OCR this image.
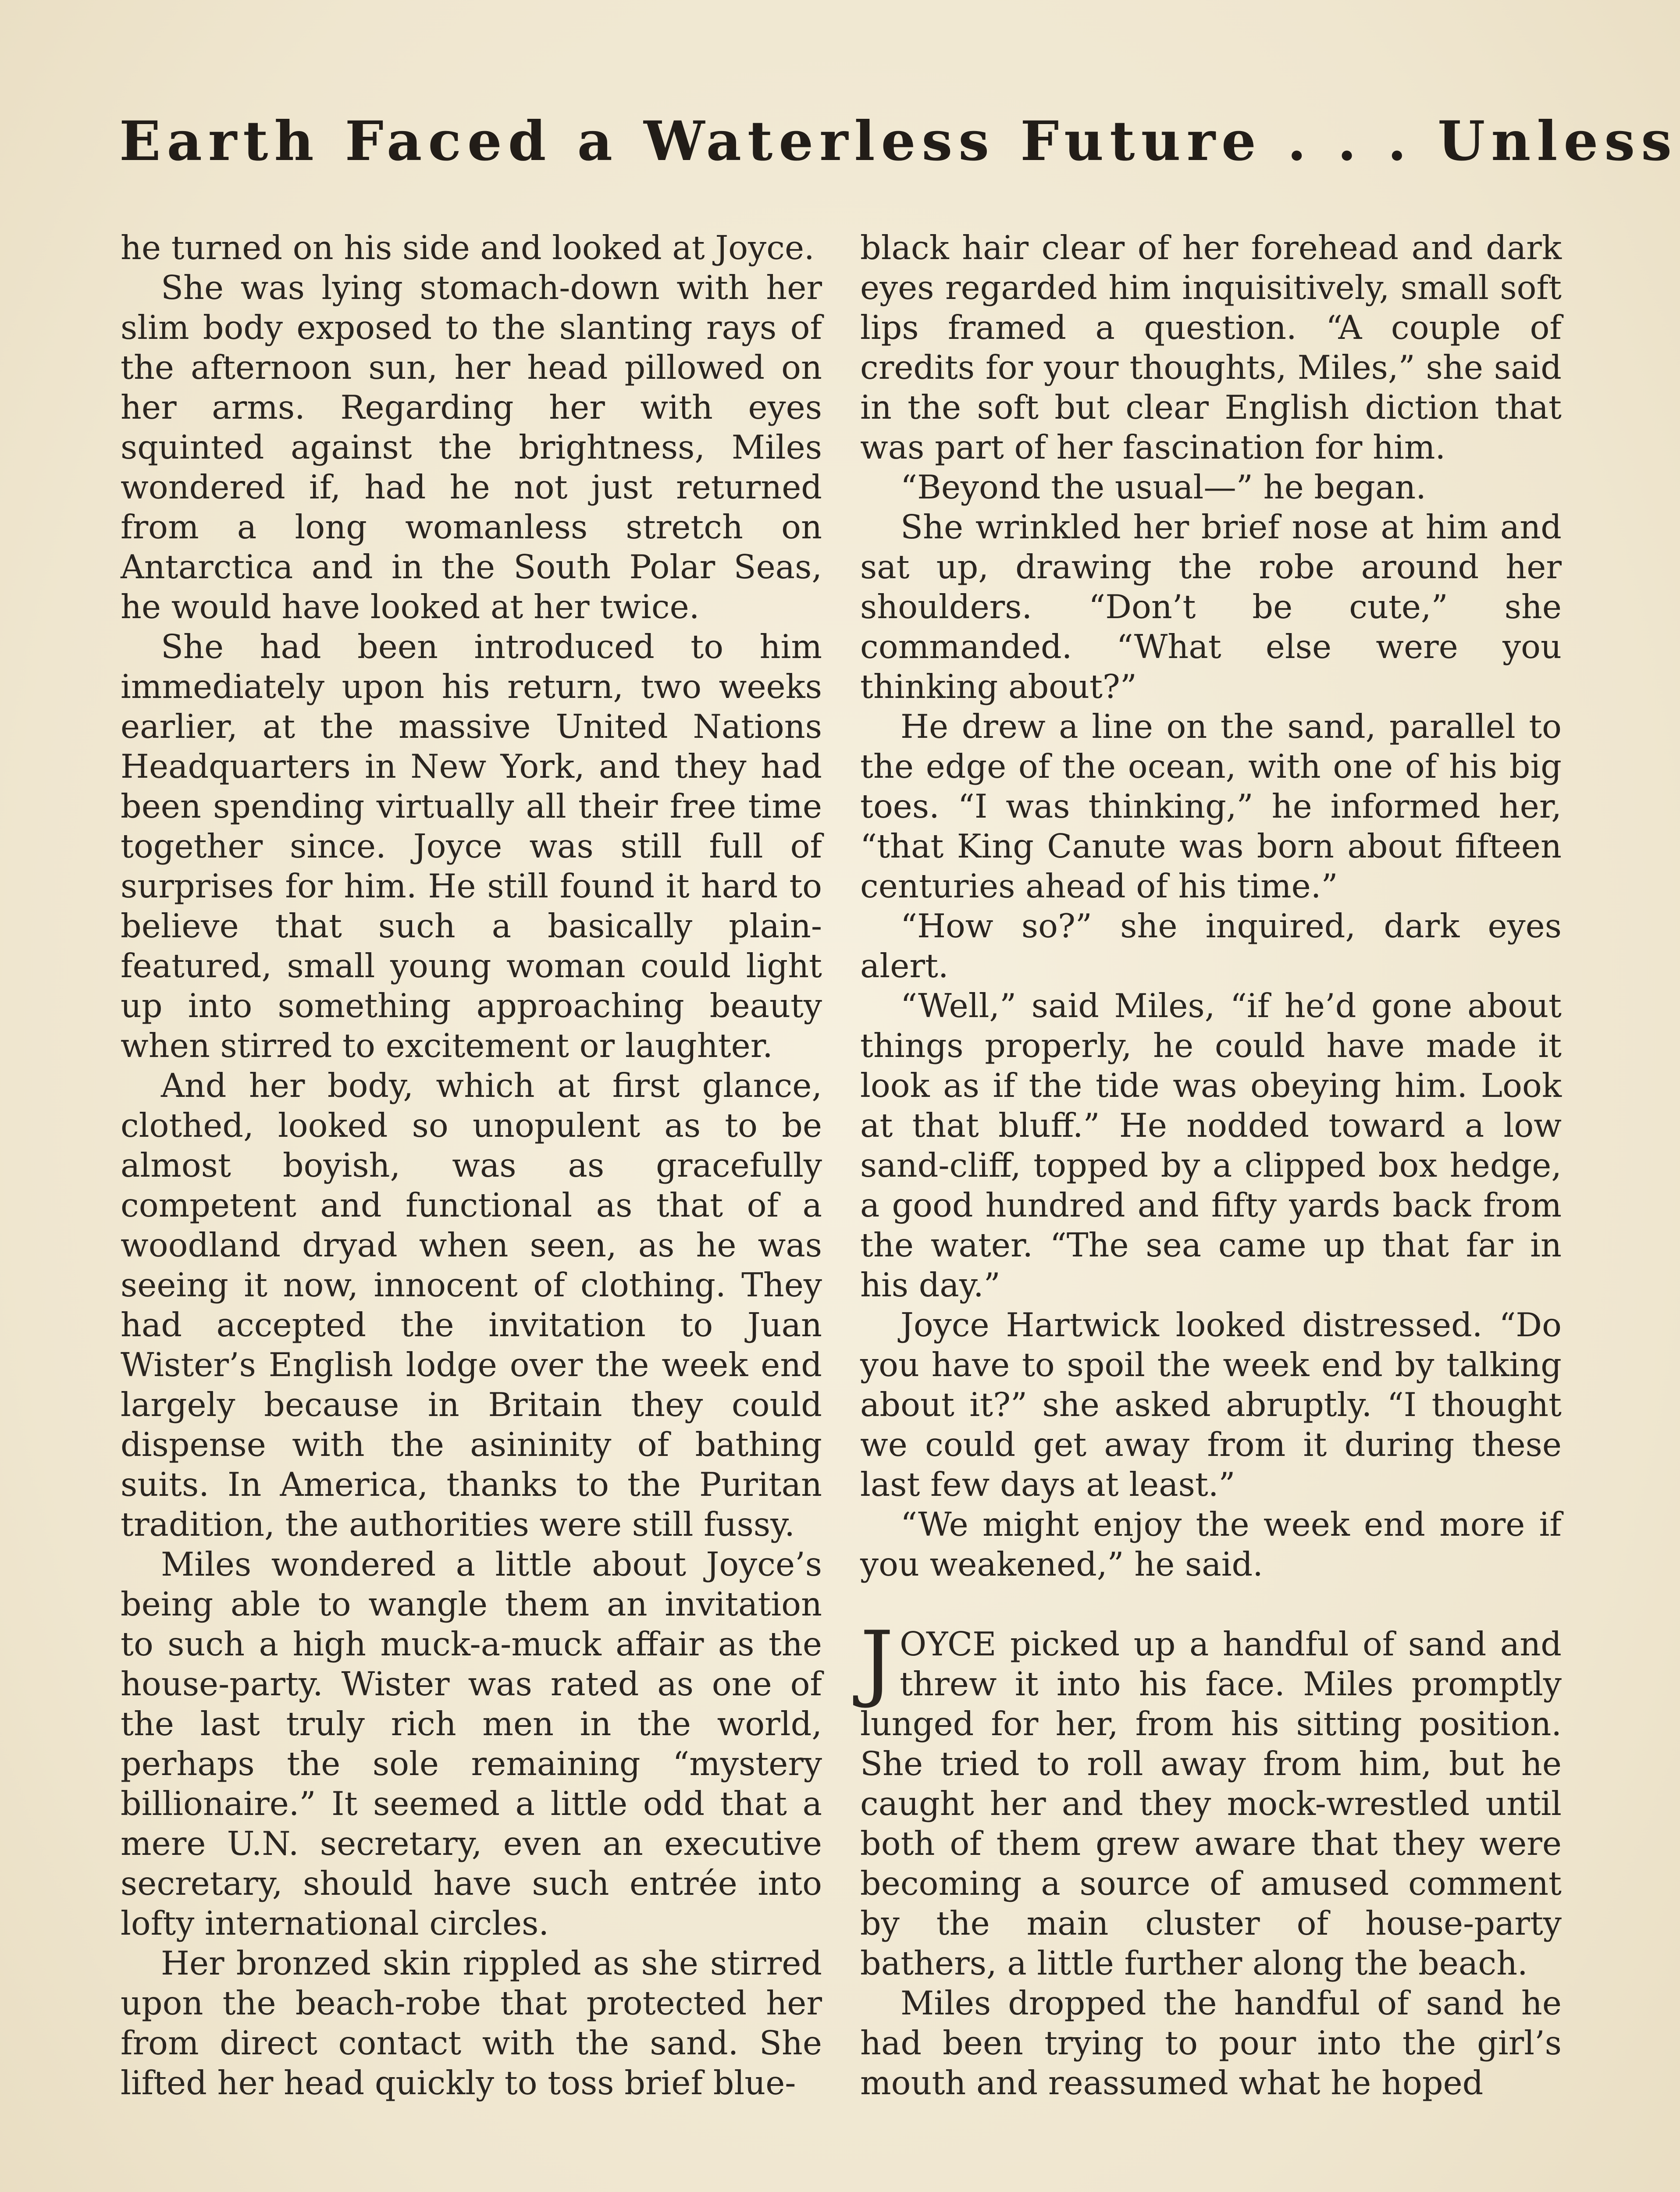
Earth Faced a Waterless Future . . . Unless

he turned on his side and looked at Joyce.

She was lying stomach-down with her slim body exposed to the slanting rays of the afternoon sun, her head pillowed on her arms. Regarding her with eyes squinted against the brightness, Miles wondered if, had he not just returned from a long womanless stretch on Antarctica and in the South Polar Seas, he would have looked at her twice.

She had been introduced to him immediately upon his return, two weeks earlier, at the massive United Nations Headquarters in New York, and they had been spending virtually all their free time together since. Joyce was still full of surprises for him. He still found it hard to believe that such a basically plain-featured, small young woman could light up into something approaching beauty when stirred to excitement or laughter.

And her body, which at first glance, clothed, looked so unopulent as to be almost boyish, was as gracefully competent and functional as that of a woodland dryad when seen, as he was seeing it now, innocent of clothing. They had accepted the invitation to Juan Wister’s English lodge over the week end largely because in Britain they could dispense with the asininity of bathing suits. In America, thanks to the Puritan tradition, the authorities were still fussy.

Miles wondered a little about Joyce’s being able to wangle them an invitation to such a high muck-a-muck affair as the house-party. Wister was rated as one of the last truly rich men in the world, perhaps the sole remaining “mystery billionaire.” It seemed a little odd that a mere U.N. secretary, even an executive secretary, should have such entrée into lofty international circles.

Her bronzed skin rippled as she stirred upon the beach-robe that protected her from direct contact with the sand. She lifted her head quickly to toss brief blue-

black hair clear of her forehead and dark eyes regarded him inquisitively, small soft lips framed a question. “A couple of credits for your thoughts, Miles,” she said in the soft but clear English diction that was part of her fascination for him.

“Beyond the usual—” he began.

She wrinkled her brief nose at him and sat up, drawing the robe around her shoulders. “Don’t be cute,” she commanded. “What else were you thinking about?”

He drew a line on the sand, parallel to the edge of the ocean, with one of his big toes. “I was thinking,” he informed her, “that King Canute was born about fifteen centuries ahead of his time.”

“How so?” she inquired, dark eyes alert.

“Well,” said Miles, “if he’d gone about things properly, he could have made it look as if the tide was obeying him. Look at that bluff.” He nodded toward a low sand-cliff, topped by a clipped box hedge, a good hundred and fifty yards back from the water. “The sea came up that far in his day.”

Joyce Hartwick looked distressed. “Do you have to spoil the week end by talking about it?” she asked abruptly. “I thought we could get away from it during these last few days at least.”

“We might enjoy the week end more if you weakened,” he said.

JOYCE picked up a handful of sand and threw it into his face. Miles promptly lunged for her, from his sitting position. She tried to roll away from him, but he caught her and they mock-wrestled until both of them grew aware that they were becoming a source of amused comment by the main cluster of house-party bathers, a little further along the beach.

Miles dropped the handful of sand he had been trying to pour into the girl’s mouth and reassumed what he hoped
